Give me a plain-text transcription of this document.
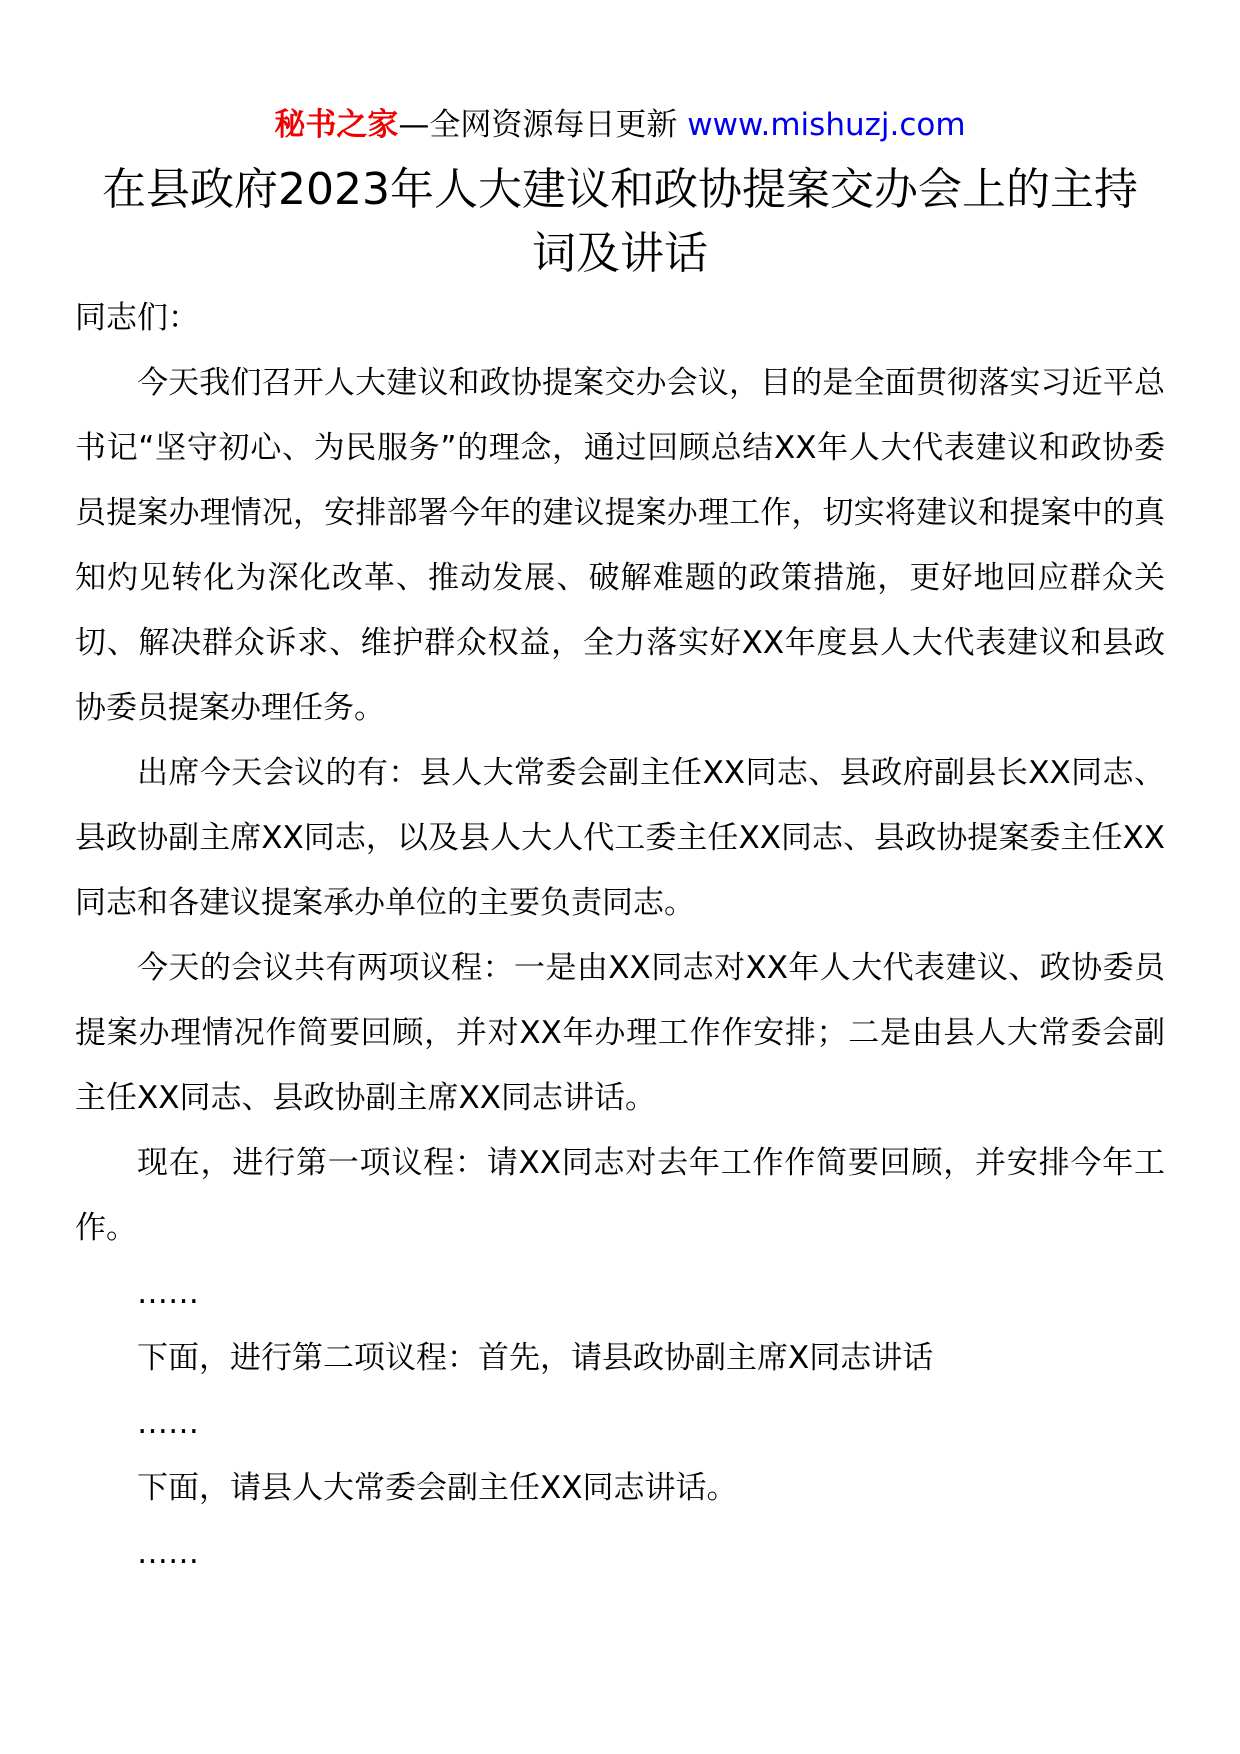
秘书之家—全网资源每日更新 www.mishuzj.com
在县政府2023年人大建议和政协提案交办会上的主持词及讲话

同志们：

今天我们召开人大建议和政协提案交办会议，目的是全面贯彻落实习近平总书记“坚守初心、为民服务”的理念，通过回顾总结XX年人大代表建议和政协委员提案办理情况，安排部署今年的建议提案办理工作，切实将建议和提案中的真知灼见转化为深化改革、推动发展、破解难题的政策措施，更好地回应群众关切、解决群众诉求、维护群众权益，全力落实好XX年度县人大代表建议和县政协委员提案办理任务。

出席今天会议的有：县人大常委会副主任XX同志、县政府副县长XX同志、县政协副主席XX同志，以及县人大人代工委主任XX同志、县政协提案委主任XX同志和各建议提案承办单位的主要负责同志。

今天的会议共有两项议程：一是由XX同志对XX年人大代表建议、政协委员提案办理情况作简要回顾，并对XX年办理工作作安排；二是由县人大常委会副主任XX同志、县政协副主席XX同志讲话。

现在，进行第一项议程：请XX同志对去年工作作简要回顾，并安排今年工作。

……

下面，进行第二项议程：首先，请县政协副主席X同志讲话

……

下面，请县人大常委会副主任XX同志讲话。

……
